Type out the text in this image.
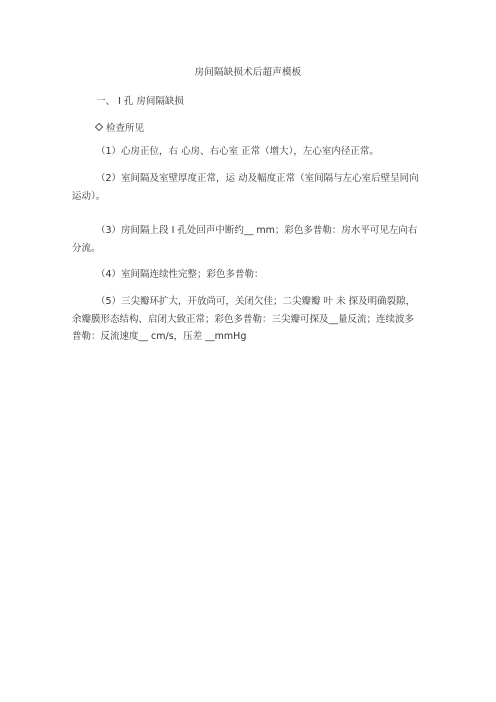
房间隔缺损术后超声模板
一、 I 孔 房间隔缺损
检查所见
（1）心房正位，右 心房、右心室 正常（增大），左心室内径正常。
（2）室间隔及室壁厚度正常，运 动及幅度正常（室间隔与左心室后壁呈同向运动）。
（3）房间隔上段 I 孔处回声中断约__ mm；彩色多普勒：房水平可见左向右分流。
（4）室间隔连续性完整；彩色多普勒：
（5）三尖瓣环扩大，开放尚可，关闭欠佳；二尖瓣瓣 叶 未 探及明确裂隙，余瓣膜形态结构、启闭大致正常；彩色多普勒：三尖瓣可探及__量反流；连续波多普勒：反流速度__ cm/s，压差 __mmHg
